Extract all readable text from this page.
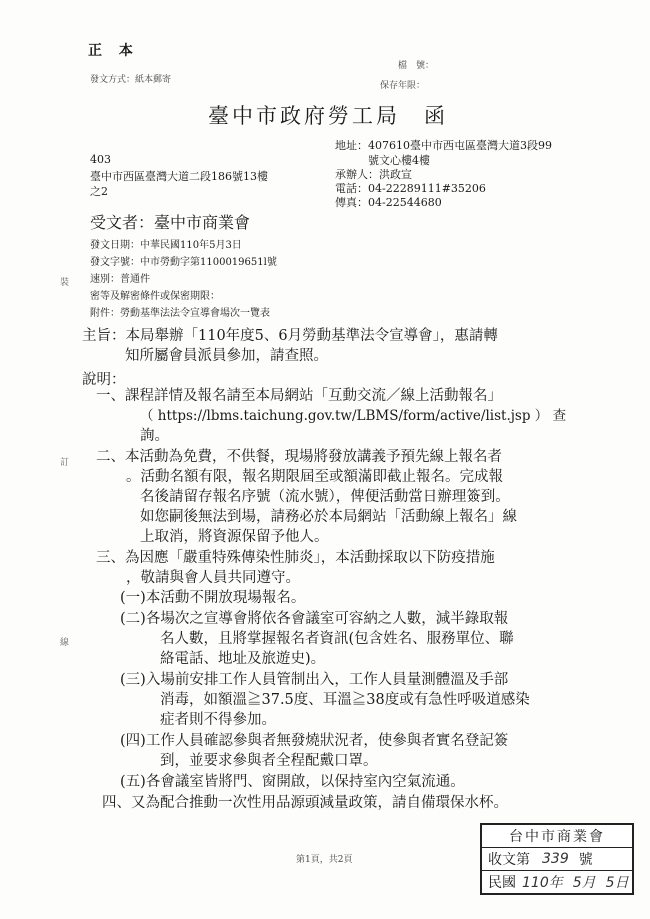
正 本
發文方式：紙本郵寄
檔　號：
保存年限：
臺中市政府勞工局　函
403
臺中市西區臺灣大道二段186號13樓
之2
地址：407610臺中市西屯區臺灣大道3段99
號文心樓4樓
承辦人：洪政宣
電話：04-22289111#35206
傳真：04-22544680
受文者：臺中市商業會
發文日期：中華民國110年5月3日
發文字號：中市勞動字第1100019651l號
速別：普通件
密等及解密條件或保密期限：
附件：勞動基準法法令宣導會場次一覽表
裝
訂
線
主旨：本局舉辦「110年度5、6月勞動基準法令宣導會」，惠請轉
知所屬會員派員參加，請查照。
說明：
一、課程詳情及報名請至本局網站「互動交流／線上活動報名」
（ https://lbms.taichung.gov.tw/LBMS/form/active/list.jsp ） 查
詢。
二、本活動為免費，不供餐，現場將發放講義予預先線上報名者
。活動名額有限，報名期限屆至或額滿即截止報名。完成報
名後請留存報名序號（流水號），俾便活動當日辦理簽到。
如您嗣後無法到場，請務必於本局網站「活動線上報名」線
上取消，將資源保留予他人。
三、為因應「嚴重特殊傳染性肺炎」，本活動採取以下防疫措施
，敬請與會人員共同遵守。
(一)本活動不開放現場報名。
(二)各場次之宣導會將依各會議室可容納之人數，減半錄取報
名人數，且將掌握報名者資訊(包含姓名、服務單位、聯
絡電話、地址及旅遊史)。
(三)入場前安排工作人員管制出入，工作人員量測體溫及手部
消毒，如額溫≧37.5度、耳溫≧38度或有急性呼吸道感染
症者則不得參加。
(四)工作人員確認參與者無發燒狀況者，使參與者實名登記簽
到，並要求參與者全程配戴口罩。
(五)各會議室皆將門、窗開啟，以保持室內空氣流通。
四、又為配合推動一次性用品源頭減量政策，請自備環保水杯。
第1頁，共2頁
台中市商業會
收文第 339 號
民國 110年 5月 5日
